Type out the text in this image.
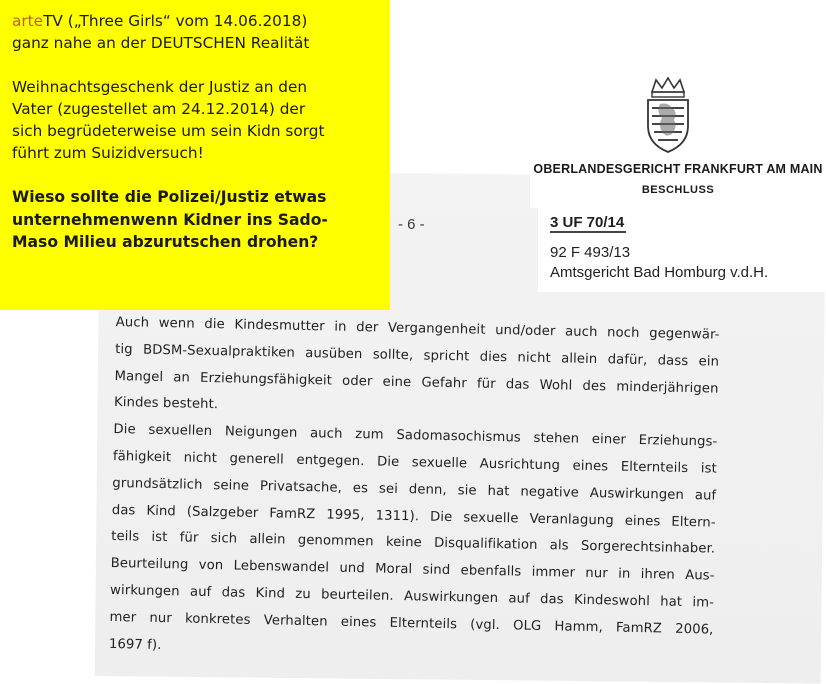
- 6 -
Auch wenn die Kindesmutter in der Vergangenheit und/oder auch noch gegenwär-
tig BDSM-Sexualpraktiken ausüben sollte, spricht dies nicht allein dafür, dass ein
Mangel an Erziehungsfähigkeit oder eine Gefahr für das Wohl des minderjährigen
Kindes besteht.
Die sexuellen Neigungen auch zum Sadomasochismus stehen einer Erziehungs-
fähigkeit nicht generell entgegen. Die sexuelle Ausrichtung eines Elternteils ist
grundsätzlich seine Privatsache, es sei denn, sie hat negative Auswirkungen auf
das Kind (Salzgeber FamRZ 1995, 1311). Die sexuelle Veranlagung eines Eltern-
teils ist für sich allein genommen keine Disqualifikation als Sorgerechtsinhaber.
Beurteilung von Lebenswandel und Moral sind ebenfalls immer nur in ihren Aus-
wirkungen auf das Kind zu beurteilen. Auswirkungen auf das Kindeswohl hat im-
mer nur konkretes Verhalten eines Elternteils (vgl. OLG Hamm, FamRZ 2006,
1697 f).
OBERLANDESGERICHT FRANKFURT AM MAIN
BESCHLUSS
3 UF 70/14
92 F 493/13
Amtsgericht Bad Homburg v.d.H.

arteTV („Three Girls“ vom 14.06.2018)

ganz nahe an der DEUTSCHEN Realität

Weihnachtsgeschenk der Justiz an den

Vater (zugestellet am 24.12.2014) der

sich begrüdeterweise um sein Kidn sorgt

führt zum Suizidversuch!

Wieso sollte die Polizei/Justiz etwas

unternehmenwenn Kidner ins Sado-

Maso Milieu abzurutschen drohen?
